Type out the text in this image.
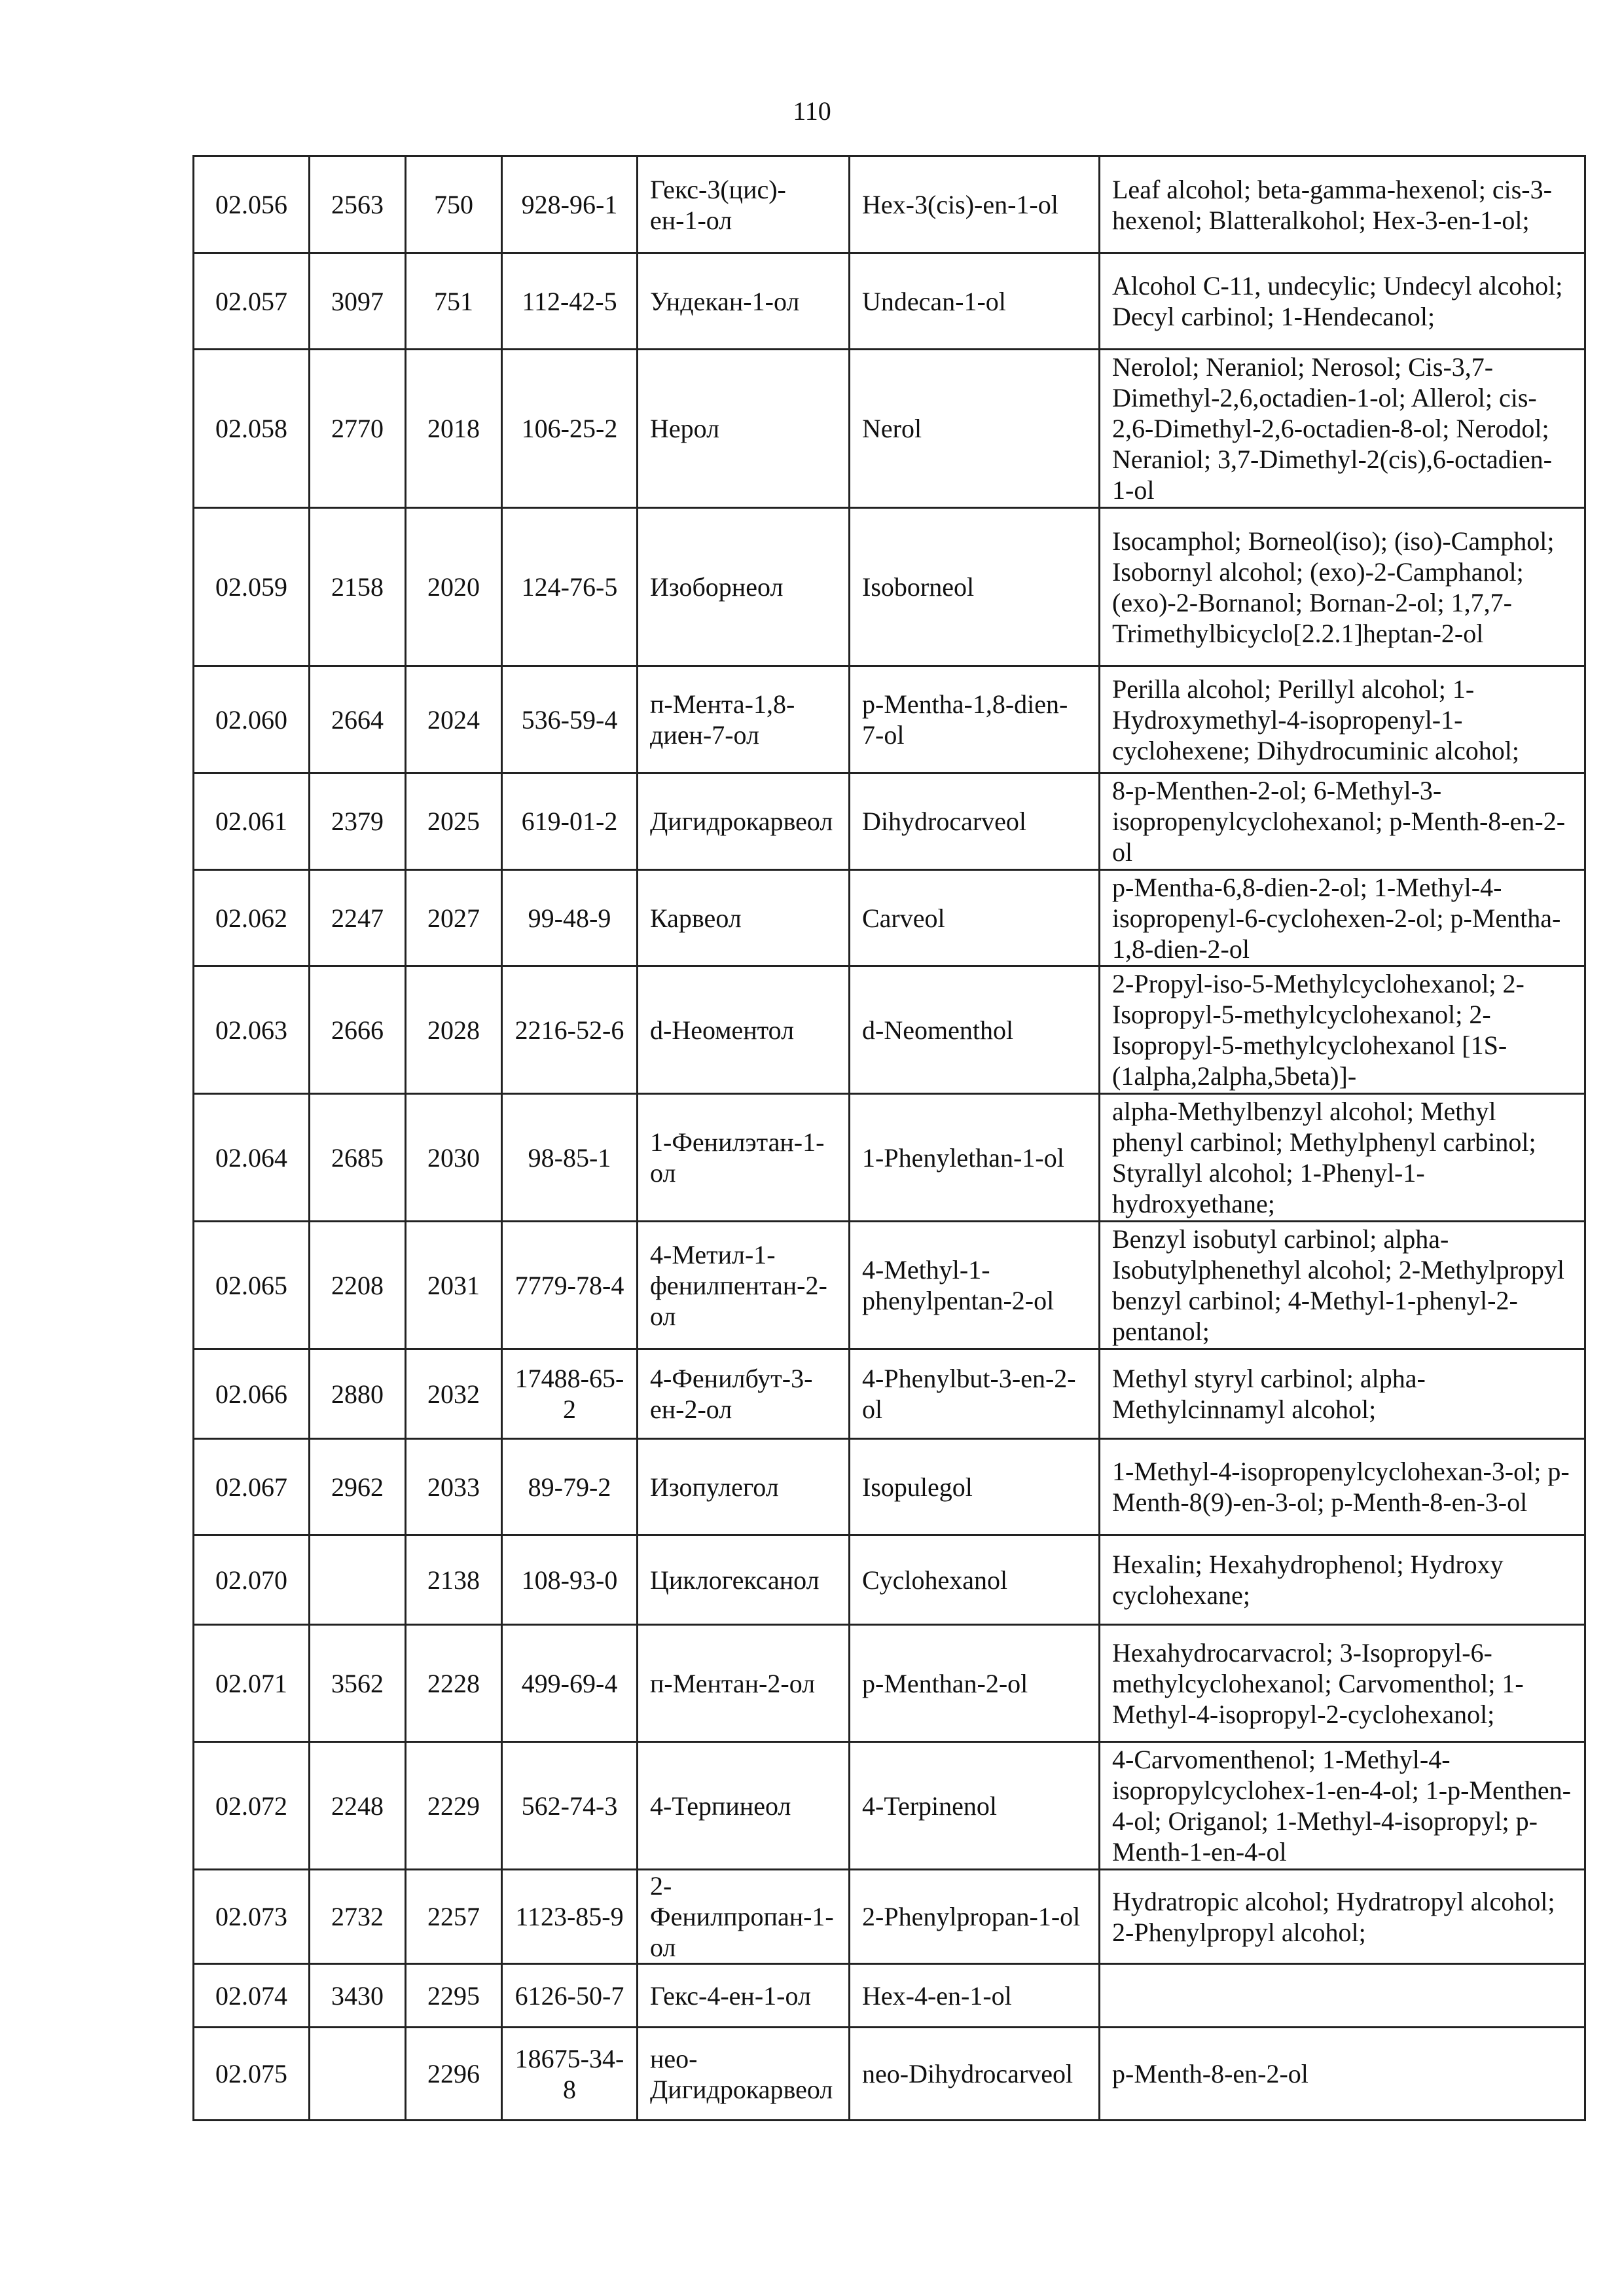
110
02.056	2563	750	928-96-1	Гекс-3(цис)-ен-1-ол	Hex-3(cis)-en-1-ol	Leaf alcohol; beta-gamma-hexenol; cis-3-hexenol; Blatteralkohol; Hex-3-en-1-ol;
02.057	3097	751	112-42-5	Ундекан-1-ол	Undecan-1-ol	Alcohol C-11, undecylic; Undecyl alcohol; Decyl carbinol; 1-Hendecanol;
02.058	2770	2018	106-25-2	Нерол	Nerol	Nerolol; Neraniol; Nerosol; Cis-3,7-Dimethyl-2,6,octadien-1-ol; Allerol; cis-2,6-Dimethyl-2,6-octadien-8-ol; Nerodol; Neraniol; 3,7-Dimethyl-2(cis),6-octadien-1-ol
02.059	2158	2020	124-76-5	Изоборнеол	Isoborneol	Isocamphol; Borneol(iso); (iso)-Camphol; Isobornyl alcohol; (exo)-2-Camphanol; (exo)-2-Bornanol; Bornan-2-ol; 1,7,7-Trimethylbicyclo[2.2.1]heptan-2-ol
02.060	2664	2024	536-59-4	п-Мента-1,8-диен-7-ол	p-Mentha-1,8-dien-7-ol	Perilla alcohol; Perillyl alcohol; 1-Hydroxymethyl-4-isopropenyl-1-cyclohexene; Dihydrocuminic alcohol;
02.061	2379	2025	619-01-2	Дигидрокарвеол	Dihydrocarveol	8-p-Menthen-2-ol; 6-Methyl-3-isopropenylcyclohexanol; p-Menth-8-en-2-ol
02.062	2247	2027	99-48-9	Карвеол	Carveol	p-Mentha-6,8-dien-2-ol; 1-Methyl-4-isopropenyl-6-cyclohexen-2-ol; p-Mentha-1,8-dien-2-ol
02.063	2666	2028	2216-52-6	d-Неоментол	d-Neomenthol	2-Propyl-iso-5-Methylcyclohexanol; 2-Isopropyl-5-methylcyclohexanol; 2-Isopropyl-5-methylcyclohexanol [1S-(1alpha,2alpha,5beta)]-
02.064	2685	2030	98-85-1	1-Фенилэтан-1-ол	1-Phenylethan-1-ol	alpha-Methylbenzyl alcohol; Methyl phenyl carbinol; Methylphenyl carbinol; Styrallyl alcohol; 1-Phenyl-1-hydroxyethane;
02.065	2208	2031	7779-78-4	4-Метил-1-фенилпентан-2-ол	4-Methyl-1-phenylpentan-2-ol	Benzyl isobutyl carbinol; alpha-Isobutylphenethyl alcohol; 2-Methylpropyl benzyl carbinol; 4-Methyl-1-phenyl-2-pentanol;
02.066	2880	2032	17488-65-2	4-Фенилбут-3-ен-2-ол	4-Phenylbut-3-en-2-ol	Methyl styryl carbinol; alpha-Methylcinnamyl alcohol;
02.067	2962	2033	89-79-2	Изопулегол	Isopulegol	1-Methyl-4-isopropenylcyclohexan-3-ol; p-Menth-8(9)-en-3-ol; p-Menth-8-en-3-ol
02.070		2138	108-93-0	Циклогексанол	Cyclohexanol	Hexalin; Hexahydrophenol; Hydroxy cyclohexane;
02.071	3562	2228	499-69-4	п-Ментан-2-ол	p-Menthan-2-ol	Hexahydrocarvacrol; 3-Isopropyl-6-methylcyclohexanol; Carvomenthol; 1-Methyl-4-isopropyl-2-cyclohexanol;
02.072	2248	2229	562-74-3	4-Терпинеол	4-Terpinenol	4-Carvomenthenol; 1-Methyl-4-isopropylcyclohex-1-en-4-ol; 1-p-Menthen-4-ol; Origanol; 1-Methyl-4-isopropyl; p- Menth-1-en-4-ol
02.073	2732	2257	1123-85-9	2-Фенилпропан-1-ол	2-Phenylpropan-1-ol	Hydratropic alcohol; Hydratropyl alcohol; 2-Phenylpropyl alcohol;
02.074	3430	2295	6126-50-7	Гекс-4-ен-1-ол	Hex-4-en-1-ol	
02.075		2296	18675-34-8	нео-Дигидрокарвеол	neo-Dihydrocarveol	p-Menth-8-en-2-ol
